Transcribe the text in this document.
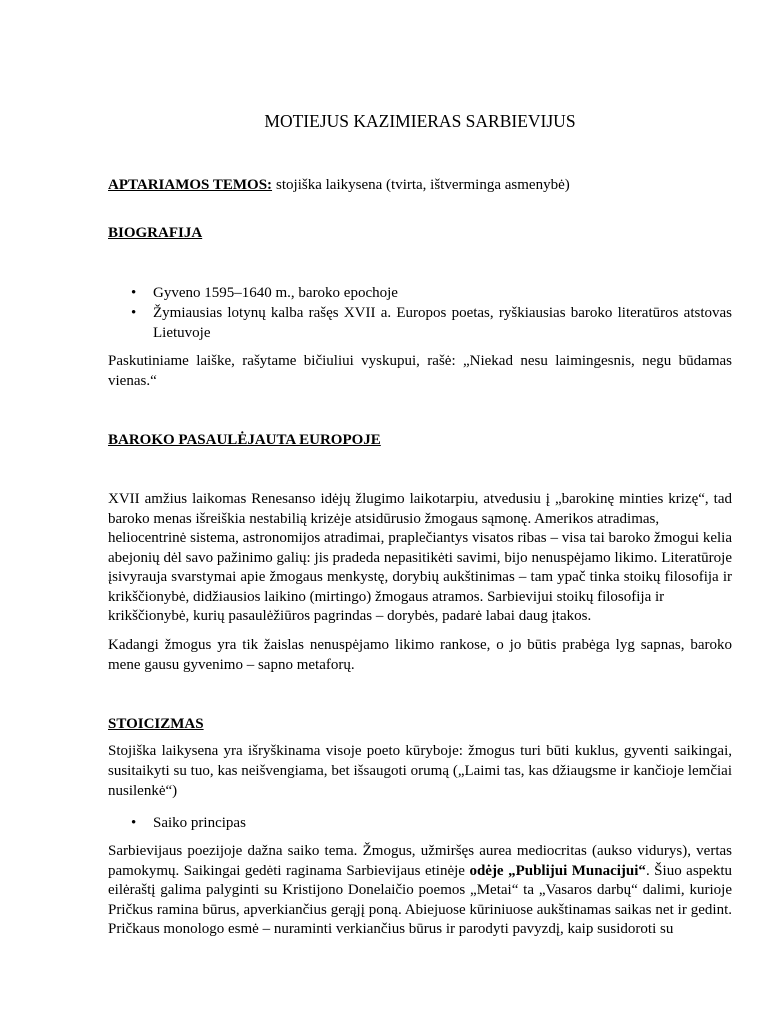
MOTIEJUS KAZIMIERAS SARBIEVIJUS
APTARIAMOS TEMOS: stojiška laikysena (tvirta, ištverminga asmenybė)
BIOGRAFIJA
•
Gyveno 1595–1640 m., baroko epochoje
•
Žymiausias lotynų kalba rašęs XVII a. Europos poetas, ryškiausias baroko literatūros atstovas
Lietuvoje
Paskutiniame laiške, rašytame bičiuliui vyskupui, rašė: „Niekad nesu laimingesnis, negu būdamas
vienas.“
BAROKO PASAULĖJAUTA EUROPOJE
XVII amžius laikomas Renesanso idėjų žlugimo laikotarpiu, atvedusiu į „barokinę minties krizę“, tad
baroko menas išreiškia nestabilią krizėje atsidūrusio žmogaus sąmonę. Amerikos atradimas,
heliocentrinė sistema, astronomijos atradimai, praplečiantys visatos ribas – visa tai baroko žmogui kelia
abejonių dėl savo pažinimo galių: jis pradeda nepasitikėti savimi, bijo nenuspėjamo likimo. Literatūroje
įsivyrauja svarstymai apie žmogaus menkystę, dorybių aukštinimas – tam ypač tinka stoikų filosofija ir
krikščionybė, didžiausios laikino (mirtingo) žmogaus atramos. Sarbievijui stoikų filosofija ir
krikščionybė, kurių pasaulėžiūros pagrindas – dorybės, padarė labai daug įtakos.
Kadangi žmogus yra tik žaislas nenuspėjamo likimo rankose, o jo būtis prabėga lyg sapnas, baroko
mene gausu gyvenimo – sapno metaforų.
STOICIZMAS
Stojiška laikysena yra išryškinama visoje poeto kūryboje: žmogus turi būti kuklus, gyventi saikingai,
susitaikyti su tuo, kas neišvengiama, bet išsaugoti orumą („Laimi tas, kas džiaugsme ir kančioje lemčiai
nusilenkė“)
•
Saiko principas
Sarbievijaus poezijoje dažna saiko tema. Žmogus, užmiršęs aurea mediocritas (aukso vidurys), vertas
pamokymų. Saikingai gedėti raginama Sarbievijaus etinėje odėje „Publijui Munacijui“. Šiuo aspektu
eilėraštį galima palyginti su Kristijono Donelaičio poemos „Metai“ ta „Vasaros darbų“ dalimi, kurioje
Pričkus ramina būrus, apverkiančius gerąjį poną. Abiejuose kūriniuose aukštinamas saikas net ir gedint.
Pričkaus monologo esmė – nuraminti verkiančius būrus ir parodyti pavyzdį, kaip susidoroti su
